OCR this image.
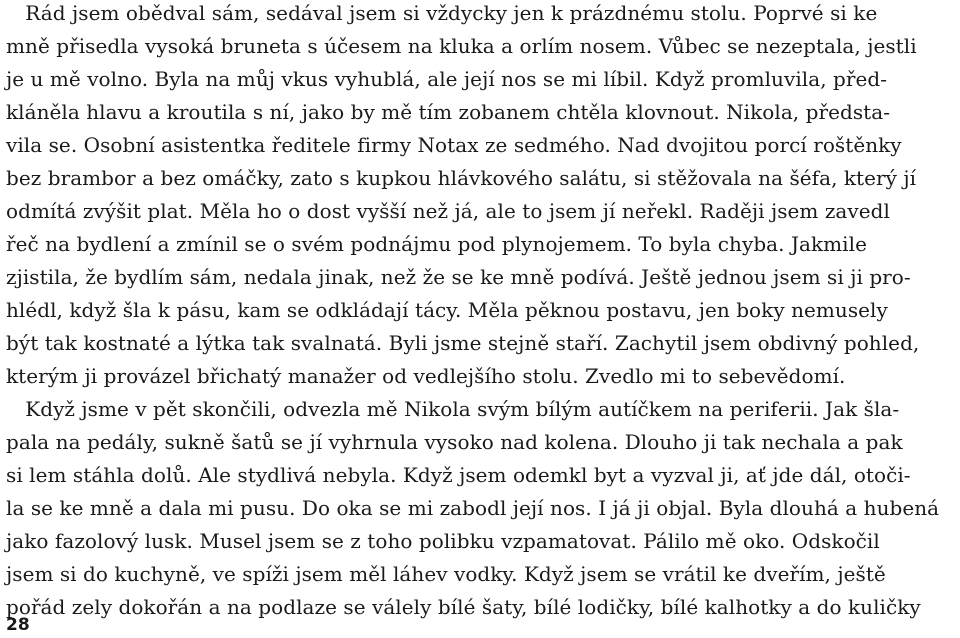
Rád jsem obědval sám, sedával jsem si vždycky jen k prázdnému stolu. Poprvé si ke
mně přisedla vysoká bruneta s účesem na kluka a orlím nosem. Vůbec se nezeptala, jestli
je u mě volno. Byla na můj vkus vyhublá, ale její nos se mi líbil. Když promluvila, před-
kláněla hlavu a kroutila s ní, jako by mě tím zobanem chtěla klovnout. Nikola, předsta-
vila se. Osobní asistentka ředitele firmy Notax ze sedmého. Nad dvojitou porcí roštěnky
bez brambor a bez omáčky, zato s kupkou hlávkového salátu, si stěžovala na šéfa, který jí
odmítá zvýšit plat. Měla ho o dost vyšší než já, ale to jsem jí neřekl. Raději jsem zavedl
řeč na bydlení a zmínil se o svém podnájmu pod plynojemem. To byla chyba. Jakmile
zjistila, že bydlím sám, nedala jinak, než že se ke mně podívá. Ještě jednou jsem si ji pro-
hlédl, když šla k pásu, kam se odkládají tácy. Měla pěknou postavu, jen boky nemusely
být tak kostnaté a lýtka tak svalnatá. Byli jsme stejně staří. Zachytil jsem obdivný pohled,
kterým ji provázel břichatý manažer od vedlejšího stolu. Zvedlo mi to sebevědomí.
Když jsme v pět skončili, odvezla mě Nikola svým bílým autíčkem na periferii. Jak šla-
pala na pedály, sukně šatů se jí vyhrnula vysoko nad kolena. Dlouho ji tak nechala a pak
si lem stáhla dolů. Ale stydlivá nebyla. Když jsem odemkl byt a vyzval ji, ať jde dál, otoči-
la se ke mně a dala mi pusu. Do oka se mi zabodl její nos. I já ji objal. Byla dlouhá a hubená
jako fazolový lusk. Musel jsem se z toho polibku vzpamatovat. Pálilo mě oko. Odskočil
jsem si do kuchyně, ve spíži jsem měl láhev vodky. Když jsem se vrátil ke dveřím, ještě
pořád zely dokořán a na podlaze se válely bílé šaty, bílé lodičky, bílé kalhotky a do kuličky
28
